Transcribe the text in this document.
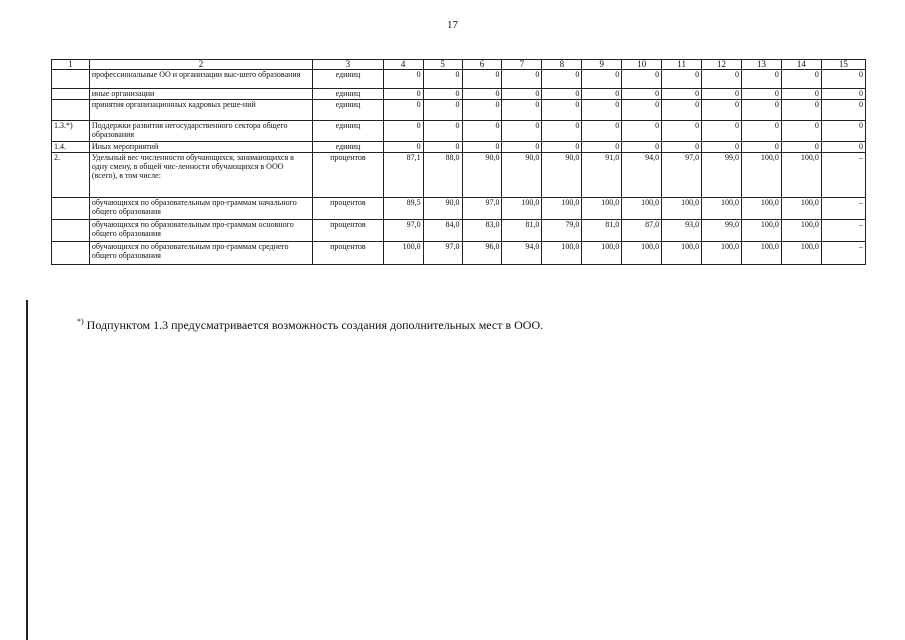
17
1	2	3	4	5	6	7	8	9	10	11	12	13	14	15
	профессиональные ОО и организации выс-шего образования	единиц	0	0	0	0	0	0	0	0	0	0	0	0
	иные организации	единиц	0	0	0	0	0	0	0	0	0	0	0	0
	принятия организационных кадровых реше-ний	единиц	0	0	0	0	0	0	0	0	0	0	0	0
1.3.*)	Поддержки развития негосударственного сектора общего образования	единиц	0	0	0	0	0	0	0	0	0	0	0	0
1.4.	Иных мероприятий	единиц	0	0	0	0	0	0	0	0	0	0	0	0
2.	Удельный вес численности обучающихся, занимающихся в одну смену, в общей чис-ленности обучающихся в ООО (всего), в том числе:	процентов	87,1	88,0	90,0	90,0	90,0	91,0	94,0	97,0	99,0	100,0	100,0	–
	обучающихся по образовательным про-граммам начального общего образования	процентов	89,5	90,0	97,0	100,0	100,0	100,0	100,0	100,0	100,0	100,0	100,0	–
	обучающихся по образовательным про-граммам основного общего образования	процентов	97,0	84,0	83,0	81,0	79,0	81,0	87,0	93,0	99,0	100,0	100,0	–
	обучающихся по образовательным про-граммам среднего общего образования	процентов	100,0	97,0	96,0	94,0	100,0	100,0	100,0	100,0	100,0	100,0	100,0	–
*) Подпунктом 1.3 предусматривается возможность создания дополнительных мест в ООО.
